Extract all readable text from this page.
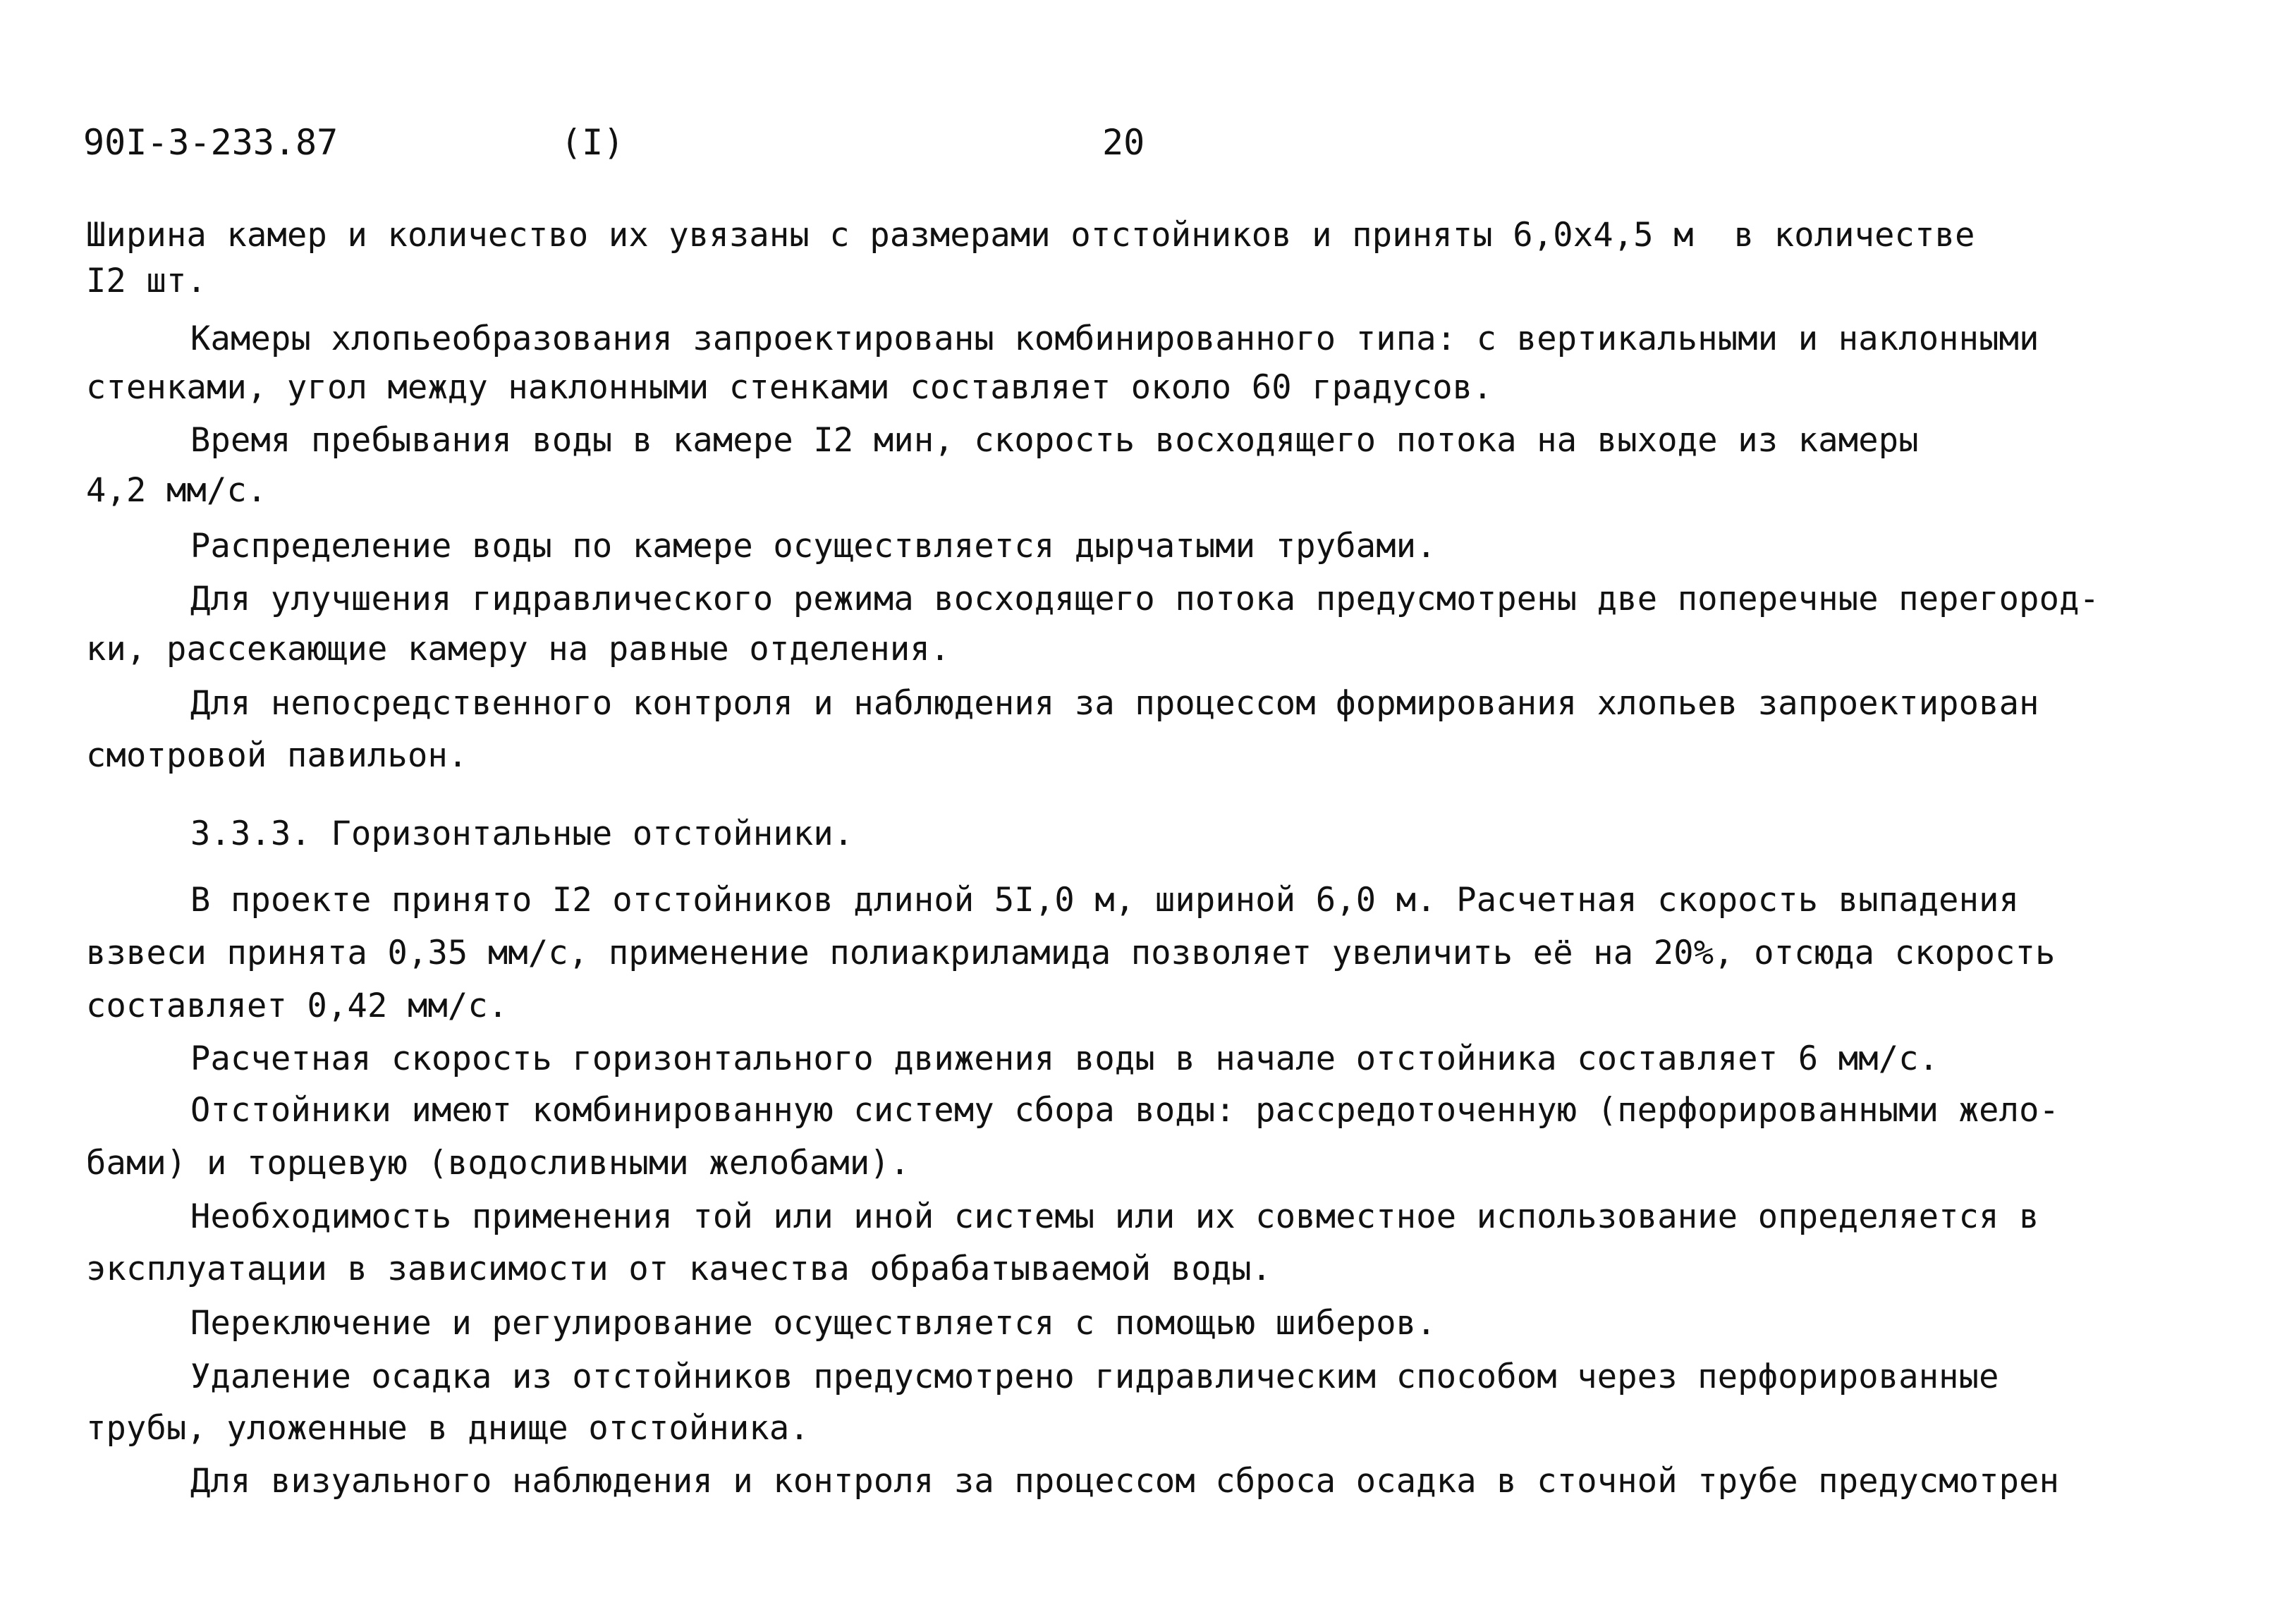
90I-3-233.87	(I)	20
Ширина камер и количество их увязаны с размерами отстойников и приняты 6,0х4,5 м  в количестве
I2 шт.
Камеры хлопьеобразования запроектированы комбинированного типа: с вертикальными и наклонными
стенками, угол между наклонными стенками составляет около 60 градусов.
Время пребывания воды в камере I2 мин, скорость восходящего потока на выходе из камеры
4,2 мм/с.
Распределение воды по камере осуществляется дырчатыми трубами.
Для улучшения гидравлического режима восходящего потока предусмотрены две поперечные перегород-
ки, рассекающие камеру на равные отделения.
Для непосредственного контроля и наблюдения за процессом формирования хлопьев запроектирован
смотровой павильон.
3.3.3. Горизонтальные отстойники.
В проекте принято I2 отстойников длиной 5I,0 м, шириной 6,0 м. Расчетная скорость выпадения
взвеси принята 0,35 мм/с, применение полиакриламида позволяет увеличить её на 20%, отсюда скорость
составляет 0,42 мм/с.
Расчетная скорость горизонтального движения воды в начале отстойника составляет 6 мм/с.
Отстойники имеют комбинированную систему сбора воды: рассредоточенную (перфорированными жело-
бами) и торцевую (водосливными желобами).
Необходимость применения той или иной системы или их совместное использование определяется в
эксплуатации в зависимости от качества обрабатываемой воды.
Переключение и регулирование осуществляется с помощью шиберов.
Удаление осадка из отстойников предусмотрено гидравлическим способом через перфорированные
трубы, уложенные в днище отстойника.
Для визуального наблюдения и контроля за процессом сброса осадка в сточной трубе предусмотрен
